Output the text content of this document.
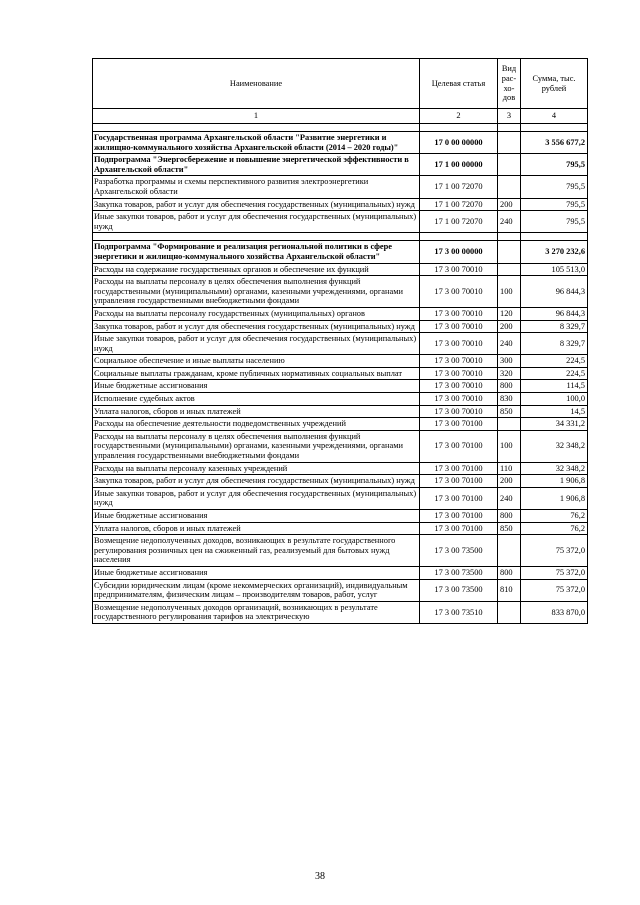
Наименование	Целевая статья	Вид рас-хо-дов	Сумма, тыс. рублей
1	2	3	4

Государственная программа Архангельской области "Развитие энергетики и жилищно-коммунального хозяйства Архангельской области (2014 – 2020 годы)"	17 0 00 00000		3 556 677,2
Подпрограмма "Энергосбережение и повышение энергетической эффективности в Архангельской области"	17 1 00 00000		795,5
Разработка программы и схемы перспективного развития электроэнергетики Архангельской области	17 1 00 72070		795,5
Закупка товаров, работ и услуг для обеспечения государственных (муниципальных) нужд	17 1 00 72070	200	795,5
Иные закупки товаров, работ и услуг для обеспечения государственных (муниципальных) нужд	17 1 00 72070	240	795,5

Подпрограмма "Формирование и реализация региональной политики в сфере энергетики и жилищно-коммунального хозяйства Архангельской области"	17 3 00 00000		3 270 232,6
Расходы на содержание государственных органов и обеспечение их функций	17 3 00 70010		105 513,0
Расходы на выплаты персоналу в целях обеспечения выполнения функций государственными (муниципальными) органами, казенными учреждениями, органами управления государственными внебюджетными фондами	17 3 00 70010	100	96 844,3
Расходы на выплаты персоналу государственных (муниципальных) органов	17 3 00 70010	120	96 844,3
Закупка товаров, работ и услуг для обеспечения государственных (муниципальных) нужд	17 3 00 70010	200	8 329,7
Иные закупки товаров, работ и услуг для обеспечения государственных (муниципальных) нужд	17 3 00 70010	240	8 329,7
Социальное обеспечение и иные выплаты населению	17 3 00 70010	300	224,5
Социальные выплаты гражданам, кроме публичных нормативных социальных выплат	17 3 00 70010	320	224,5
Иные бюджетные ассигнования	17 3 00 70010	800	114,5
Исполнение судебных актов	17 3 00 70010	830	100,0
Уплата налогов, сборов и иных платежей	17 3 00 70010	850	14,5
Расходы на обеспечение деятельности подведомственных учреждений	17 3 00 70100		34 331,2
Расходы на выплаты персоналу в целях обеспечения выполнения функций государственными (муниципальными) органами, казенными учреждениями, органами управления государственными внебюджетными фондами	17 3 00 70100	100	32 348,2
Расходы на выплаты персоналу казенных учреждений	17 3 00 70100	110	32 348,2
Закупка товаров, работ и услуг для обеспечения государственных (муниципальных) нужд	17 3 00 70100	200	1 906,8
Иные закупки товаров, работ и услуг для обеспечения государственных (муниципальных) нужд	17 3 00 70100	240	1 906,8
Иные бюджетные ассигнования	17 3 00 70100	800	76,2
Уплата налогов, сборов и иных платежей	17 3 00 70100	850	76,2
Возмещение недополученных доходов, возникающих в результате государственного регулирования розничных цен на сжиженный газ, реализуемый для бытовых нужд населения	17 3 00 73500		75 372,0
Иные бюджетные ассигнования	17 3 00 73500	800	75 372,0
Субсидии юридическим лицам (кроме некоммерческих организаций), индивидуальным предпринимателям, физическим лицам – производителям товаров, работ, услуг	17 3 00 73500	810	75 372,0
Возмещение недополученных доходов организаций, возникающих в результате государственного регулирования тарифов на электрическую	17 3 00 73510		833 870,0
38
